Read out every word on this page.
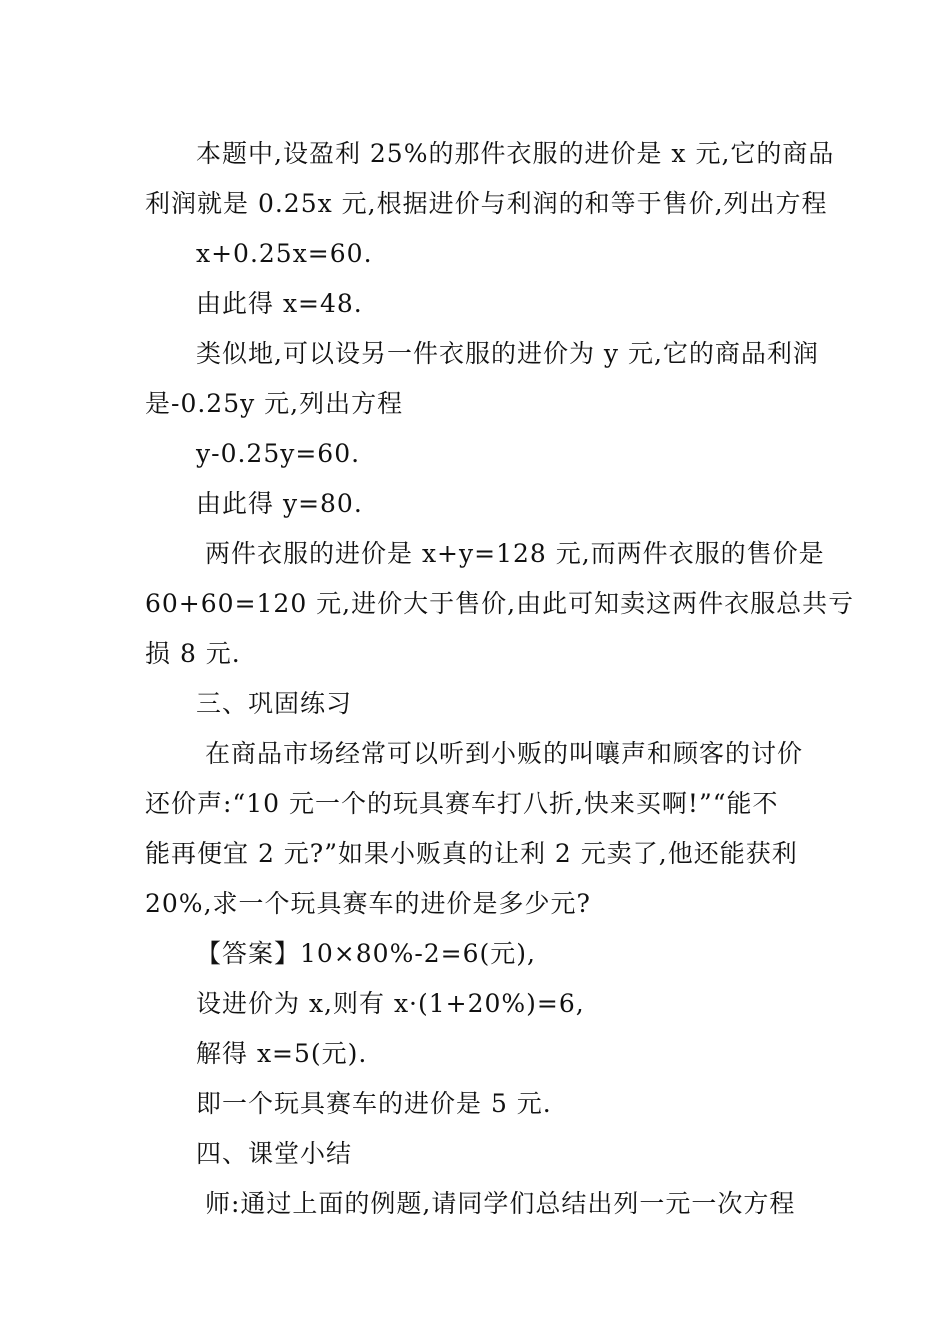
本题中,设盈利 25%的那件衣服的进价是 x 元,它的商品
利润就是 0.25x 元,根据进价与利润的和等于售价,列出方程
x+0.25x=60.
由此得 x=48.
类似地,可以设另一件衣服的进价为 y 元,它的商品利润
是-0.25y 元,列出方程
y-0.25y=60.
由此得 y=80.
两件衣服的进价是 x+y=128 元,而两件衣服的售价是
60+60=120 元,进价大于售价,由此可知卖这两件衣服总共亏
损 8 元.
三、巩固练习
在商品市场经常可以听到小贩的叫嚷声和顾客的讨价
还价声:“10 元一个的玩具赛车打八折,快来买啊!”“能不
能再便宜 2 元?”如果小贩真的让利 2 元卖了,他还能获利
20%,求一个玩具赛车的进价是多少元?
【答案】10×80%-2=6(元),
设进价为 x,则有 x·(1+20%)=6,
解得 x=5(元).
即一个玩具赛车的进价是 5 元.
四、课堂小结
师:通过上面的例题,请同学们总结出列一元一次方程
